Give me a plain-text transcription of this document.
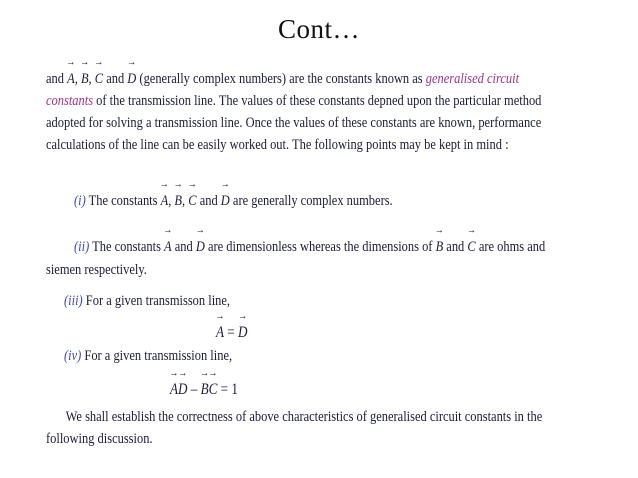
Cont…
and → A, → B, → C and → D (generally complex numbers) are the constants known as generalised circuit
constants of the transmission line. The values of these constants depned upon the particular method
adopted for solving a transmission line. Once the values of these constants are known, performance
calculations of the line can be easily worked out. The following points may be kept in mind :
(i) The constants → A, → B, → C and → D are generally complex numbers.
(ii) The constants → A and → D are dimensionless whereas the dimensions of → B and → C are ohms and
siemen respectively.
(iii) For a given transmisson line,
→ A = → D
(iv) For a given transmission line,
→ A→ D – → B→ C = 1
We shall establish the correctness of above characteristics of generalised circuit constants in the
following discussion.
